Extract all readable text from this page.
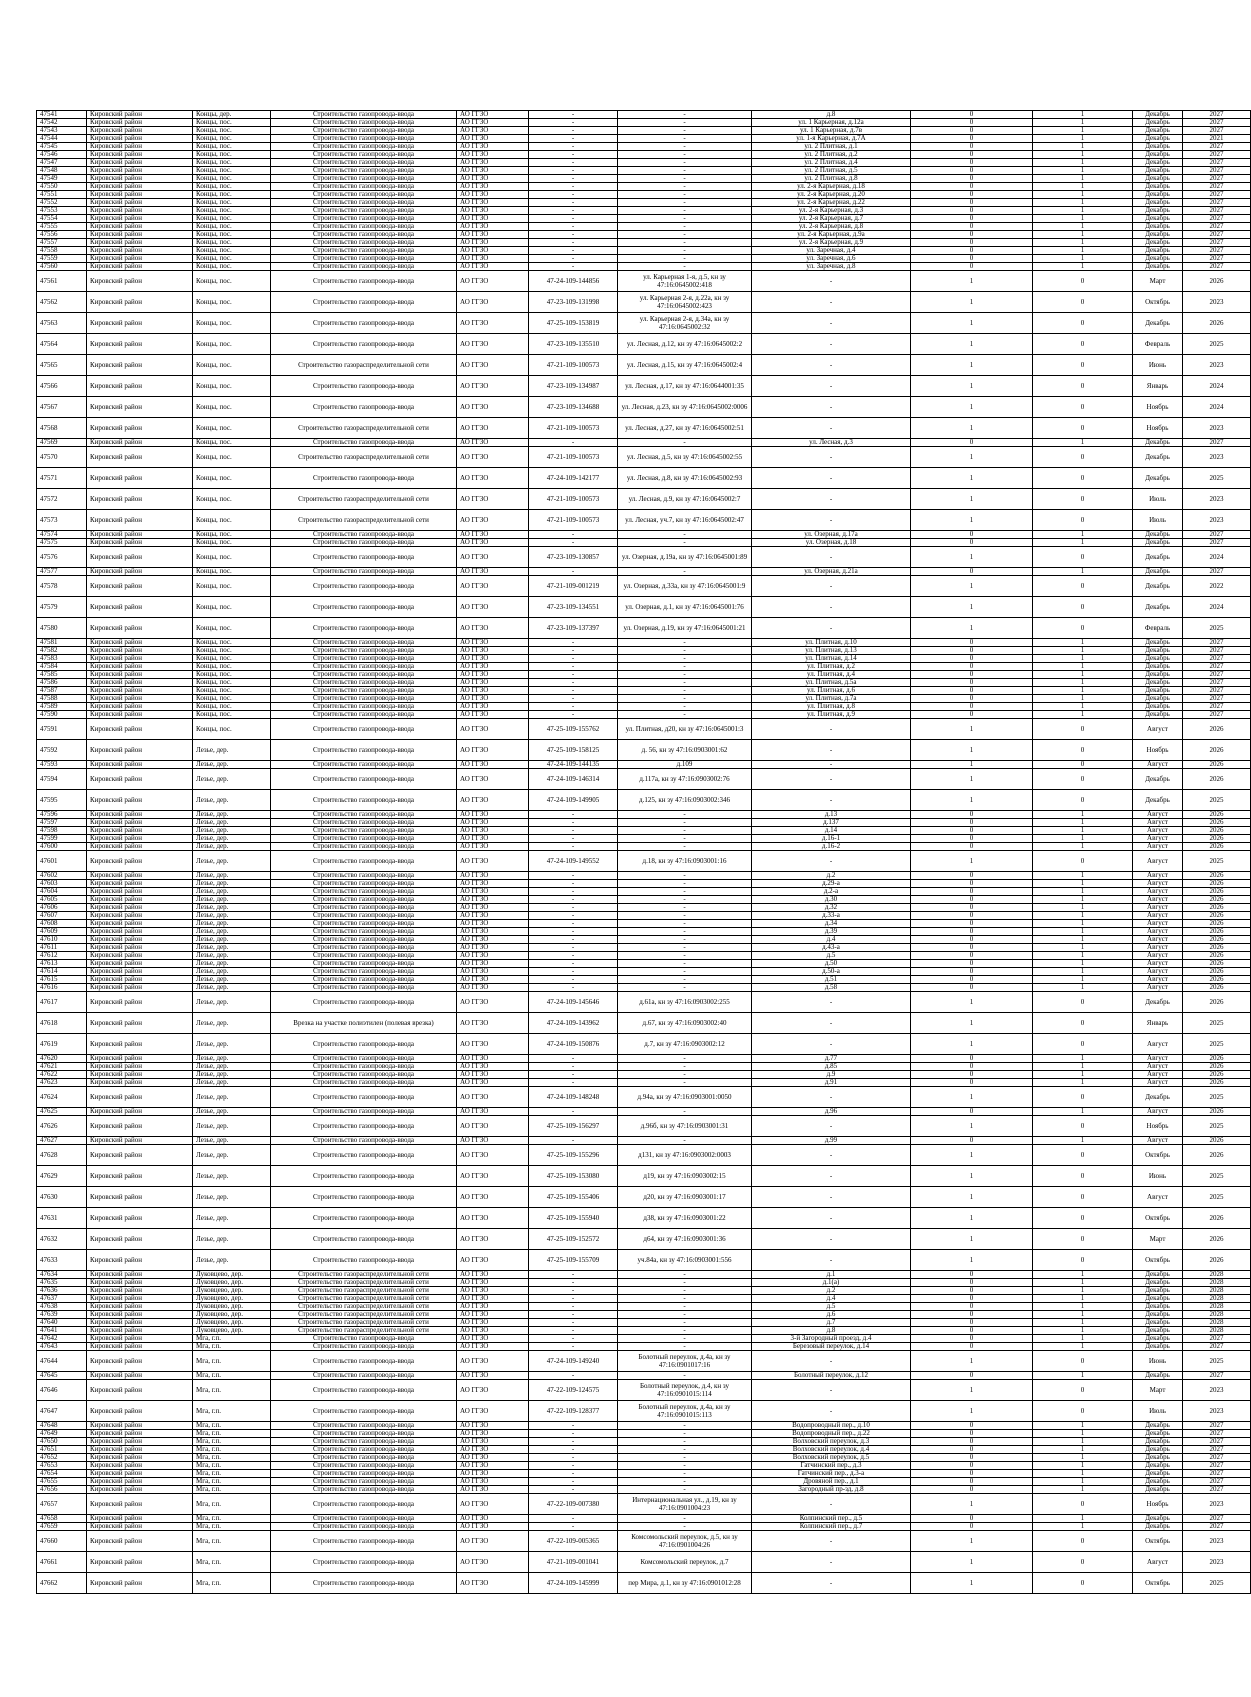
47541	Кировский район	Концы, дер.	Строительство газопровода-ввода	АО ГГЗО	-	-	д.8	0	1	Декабрь	2027
47542	Кировский район	Концы, пос.	Строительство газопровода-ввода	АО ГГЗО	-	-	ул. 1 Карьерная, д.12а	0	1	Декабрь	2027
47543	Кировский район	Концы, пос.	Строительство газопровода-ввода	АО ГГЗО	-	-	ул. 1 Карьерная, д.7в	0	1	Декабрь	2027
47544	Кировский район	Концы, пос.	Строительство газопровода-ввода	АО ГГЗО	-	-	ул. 1-я Карьерная, д.7А	0	1	Декабрь	2021
47545	Кировский район	Концы, пос.	Строительство газопровода-ввода	АО ГГЗО	-	-	ул. 2 Плитная, д.1	0	1	Декабрь	2027
47546	Кировский район	Концы, пос.	Строительство газопровода-ввода	АО ГГЗО	-	-	ул. 2 Плитная, д.2	0	1	Декабрь	2027
47547	Кировский район	Концы, пос.	Строительство газопровода-ввода	АО ГГЗО	-	-	ул. 2 Плитная, д.4	0	1	Декабрь	2027
47548	Кировский район	Концы, пос.	Строительство газопровода-ввода	АО ГГЗО	-	-	ул. 2 Плитная, д.5	0	1	Декабрь	2027
47549	Кировский район	Концы, пос.	Строительство газопровода-ввода	АО ГГЗО	-	-	ул. 2 Плитная, д.8	0	1	Декабрь	2027
47550	Кировский район	Концы, пос.	Строительство газопровода-ввода	АО ГГЗО	-	-	ул. 2-я Карьерная, д.18	0	1	Декабрь	2027
47551	Кировский район	Концы, пос.	Строительство газопровода-ввода	АО ГГЗО	-	-	ул. 2-я Карьерная, д.20	0	1	Декабрь	2027
47552	Кировский район	Концы, пос.	Строительство газопровода-ввода	АО ГГЗО	-	-	ул. 2-я Карьерная, д.22	0	1	Декабрь	2027
47553	Кировский район	Концы, пос.	Строительство газопровода-ввода	АО ГГЗО	-	-	ул. 2-я Карьерная, д.3	0	1	Декабрь	2027
47554	Кировский район	Концы, пос.	Строительство газопровода-ввода	АО ГГЗО	-	-	ул. 2-я Карьерная, д.7	0	1	Декабрь	2027
47555	Кировский район	Концы, пос.	Строительство газопровода-ввода	АО ГГЗО	-	-	ул. 2-я Карьерная, д.8	0	1	Декабрь	2027
47556	Кировский район	Концы, пос.	Строительство газопровода-ввода	АО ГГЗО	-	-	ул. 2-я Карьерная, д.9а	0	1	Декабрь	2027
47557	Кировский район	Концы, пос.	Строительство газопровода-ввода	АО ГГЗО	-	-	ул. 2-я Карьерная, д.9	0	1	Декабрь	2027
47558	Кировский район	Концы, пос.	Строительство газопровода-ввода	АО ГГЗО	-	-	ул. Заречная, д.4	0	1	Декабрь	2027
47559	Кировский район	Концы, пос.	Строительство газопровода-ввода	АО ГГЗО	-	-	ул. Заречная, д.6	0	1	Декабрь	2027
47560	Кировский район	Концы, пос.	Строительство газопровода-ввода	АО ГГЗО	-	-	ул. Заречная, д.8	0	1	Декабрь	2027
47561	Кировский район	Концы, пос.	Строительство газопровода-ввода	АО ГГЗО	47-24-109-144856	ул. Карьерная 1-я, д.5, кн зу 47:16:0645002:418	-	1	0	Март	2026
47562	Кировский район	Концы, пос.	Строительство газопровода-ввода	АО ГГЗО	47-23-109-131998	ул. Карьерная 2-я, д.22а, кн зу 47:16:0645002:423	-	1	0	Октябрь	2023
47563	Кировский район	Концы, пос.	Строительство газопровода-ввода	АО ГГЗО	47-25-109-153819	ул. Карьерная 2-я, д.34а, кн зу 47:16:0645002:32	-	1	0	Декабрь	2026
47564	Кировский район	Концы, пос.	Строительство газопровода-ввода	АО ГГЗО	47-23-109-135510	ул. Лесная, д.12, кн зу 47:16:0645002:2	-	1	0	Февраль	2025
47565	Кировский район	Концы, пос.	Строительство газораспределительной сети	АО ГГЗО	47-21-109-100573	ул. Лесная, д.15, кн зу 47:16:0645002:4	-	1	0	Июнь	2023
47566	Кировский район	Концы, пос.	Строительство газопровода-ввода	АО ГГЗО	47-23-109-134987	ул. Лесная, д.17, кн зу 47:16:0644001:35	-	1	0	Январь	2024
47567	Кировский район	Концы, пос.	Строительство газопровода-ввода	АО ГГЗО	47-23-109-134688	ул. Лесная, д.23, кн зу 47:16:0645002:0006	-	1	0	Ноябрь	2024
47568	Кировский район	Концы, пос.	Строительство газораспределительной сети	АО ГГЗО	47-21-109-100573	ул. Лесная, д.27, кн зу 47:16:0645002:51	-	1	0	Ноябрь	2023
47569	Кировский район	Концы, пос.	Строительство газопровода-ввода	АО ГГЗО	-	-	ул. Лесная, д.3	0	1	Декабрь	2027
47570	Кировский район	Концы, пос.	Строительство газораспределительной сети	АО ГГЗО	47-21-109-100573	ул. Лесная, д.5, кн зу 47:16:0645002:55	-	1	0	Декабрь	2023
47571	Кировский район	Концы, пос.	Строительство газопровода-ввода	АО ГГЗО	47-24-109-142177	ул. Лесная, д.8, кн зу 47:16:0645002:93	-	1	0	Декабрь	2025
47572	Кировский район	Концы, пос.	Строительство газораспределительной сети	АО ГГЗО	47-21-109-100573	ул. Лесная, д.9, кн зу 47:16:0645002:7	-	1	0	Июль	2023
47573	Кировский район	Концы, пос.	Строительство газораспределительной сети	АО ГГЗО	47-21-109-100573	ул. Лесная, уч.7, кн зу 47:16:0645002:47	-	1	0	Июль	2023
47574	Кировский район	Концы, пос.	Строительство газопровода-ввода	АО ГГЗО	-	-	ул. Озерная, д.17а	0	1	Декабрь	2027
47575	Кировский район	Концы, пос.	Строительство газопровода-ввода	АО ГГЗО	-	-	ул. Озерная, д.18	0	1	Декабрь	2027
47576	Кировский район	Концы, пос.	Строительство газопровода-ввода	АО ГГЗО	47-23-109-130857	ул. Озерная, д.19а, кн зу 47:16:0645001:89	-	1	0	Декабрь	2024
47577	Кировский район	Концы, пос.	Строительство газопровода-ввода	АО ГГЗО	-	-	ул. Озерная, д.21а	0	1	Декабрь	2027
47578	Кировский район	Концы, пос.	Строительство газопровода-ввода	АО ГГЗО	47-21-109-001219	ул. Озерная, д.33а, кн зу 47:16:0645001:9	-	1	0	Декабрь	2022
47579	Кировский район	Концы, пос.	Строительство газопровода-ввода	АО ГГЗО	47-23-109-134551	ул. Озерная, д.1, кн зу 47:16:0645001:76	-	1	0	Декабрь	2024
47580	Кировский район	Концы, пос.	Строительство газопровода-ввода	АО ГГЗО	47-23-109-137397	ул. Озерная, д.19, кн зу 47:16:0645001:21	-	1	0	Февраль	2025
47581	Кировский район	Концы, пос.	Строительство газопровода-ввода	АО ГГЗО	-	-	ул. Плитная, д.10	0	1	Декабрь	2027
47582	Кировский район	Концы, пос.	Строительство газопровода-ввода	АО ГГЗО	-	-	ул. Плитная, д.13	0	1	Декабрь	2027
47583	Кировский район	Концы, пос.	Строительство газопровода-ввода	АО ГГЗО	-	-	ул. Плитная, д.14	0	1	Декабрь	2027
47584	Кировский район	Концы, пос.	Строительство газопровода-ввода	АО ГГЗО	-	-	ул. Плитная, д.2	0	1	Декабрь	2027
47585	Кировский район	Концы, пос.	Строительство газопровода-ввода	АО ГГЗО	-	-	ул. Плитная, д.4	0	1	Декабрь	2027
47586	Кировский район	Концы, пос.	Строительство газопровода-ввода	АО ГГЗО	-	-	ул. Плитная, д.5а	0	1	Декабрь	2027
47587	Кировский район	Концы, пос.	Строительство газопровода-ввода	АО ГГЗО	-	-	ул. Плитная, д.6	0	1	Декабрь	2027
47588	Кировский район	Концы, пос.	Строительство газопровода-ввода	АО ГГЗО	-	-	ул. Плитная, д.7а	0	1	Декабрь	2027
47589	Кировский район	Концы, пос.	Строительство газопровода-ввода	АО ГГЗО	-	-	ул. Плитная, д.8	0	1	Декабрь	2027
47590	Кировский район	Концы, пос.	Строительство газопровода-ввода	АО ГГЗО	-	-	ул. Плитная, д.9	0	1	Декабрь	2027
47591	Кировский район	Концы, пос.	Строительство газопровода-ввода	АО ГГЗО	47-25-109-155762	ул. Плитная, д20, кн зу 47:16:0645001:3	-	1	0	Август	2026
47592	Кировский район	Лезье, дер.	Строительство газопровода-ввода	АО ГГЗО	47-25-109-158125	д. 56, кн зу 47:16:0903001:62	-	1	0	Ноябрь	2026
47593	Кировский район	Лезье, дер.	Строительство газопровода-ввода	АО ГГЗО	47-24-109-144135	д.109	-	1	0	Август	2026
47594	Кировский район	Лезье, дер.	Строительство газопровода-ввода	АО ГГЗО	47-24-109-146314	д.117а, кн зу 47:16:0903002:76	-	1	0	Декабрь	2026
47595	Кировский район	Лезье, дер.	Строительство газопровода-ввода	АО ГГЗО	47-24-109-149905	д.125, кн зу 47:16:0903002:346	-	1	0	Декабрь	2025
47596	Кировский район	Лезье, дер.	Строительство газопровода-ввода	АО ГГЗО	-	-	д.13	0	1	Август	2026
47597	Кировский район	Лезье, дер.	Строительство газопровода-ввода	АО ГГЗО	-	-	д.137	0	1	Август	2026
47598	Кировский район	Лезье, дер.	Строительство газопровода-ввода	АО ГГЗО	-	-	д.14	0	1	Август	2026
47599	Кировский район	Лезье, дер.	Строительство газопровода-ввода	АО ГГЗО	-	-	д.16-1	0	1	Август	2026
47600	Кировский район	Лезье, дер.	Строительство газопровода-ввода	АО ГГЗО	-	-	д.16-2	0	1	Август	2026
47601	Кировский район	Лезье, дер.	Строительство газопровода-ввода	АО ГГЗО	47-24-109-149552	д.18, кн зу 47:16:0903001:16	-	1	0	Август	2025
47602	Кировский район	Лезье, дер.	Строительство газопровода-ввода	АО ГГЗО	-	-	д.2	0	1	Август	2026
47603	Кировский район	Лезье, дер.	Строительство газопровода-ввода	АО ГГЗО	-	-	д.29-а	0	1	Август	2026
47604	Кировский район	Лезье, дер.	Строительство газопровода-ввода	АО ГГЗО	-	-	д.2-а	0	1	Август	2026
47605	Кировский район	Лезье, дер.	Строительство газопровода-ввода	АО ГГЗО	-	-	д.30	0	1	Август	2026
47606	Кировский район	Лезье, дер.	Строительство газопровода-ввода	АО ГГЗО	-	-	д.32	0	1	Август	2026
47607	Кировский район	Лезье, дер.	Строительство газопровода-ввода	АО ГГЗО	-	-	д.33-а	0	1	Август	2026
47608	Кировский район	Лезье, дер.	Строительство газопровода-ввода	АО ГГЗО	-	-	д.34	0	1	Август	2026
47609	Кировский район	Лезье, дер.	Строительство газопровода-ввода	АО ГГЗО	-	-	д.39	0	1	Август	2026
47610	Кировский район	Лезье, дер.	Строительство газопровода-ввода	АО ГГЗО	-	-	д.4	0	1	Август	2026
47611	Кировский район	Лезье, дер.	Строительство газопровода-ввода	АО ГГЗО	-	-	д.43-а	0	1	Август	2026
47612	Кировский район	Лезье, дер.	Строительство газопровода-ввода	АО ГГЗО	-	-	д.5	0	1	Август	2026
47613	Кировский район	Лезье, дер.	Строительство газопровода-ввода	АО ГГЗО	-	-	д.50	0	1	Август	2026
47614	Кировский район	Лезье, дер.	Строительство газопровода-ввода	АО ГГЗО	-	-	д.50-а	0	1	Август	2026
47615	Кировский район	Лезье, дер.	Строительство газопровода-ввода	АО ГГЗО	-	-	д.51	0	1	Август	2026
47616	Кировский район	Лезье, дер.	Строительство газопровода-ввода	АО ГГЗО	-	-	д.58	0	1	Август	2026
47617	Кировский район	Лезье, дер.	Строительство газопровода-ввода	АО ГГЗО	47-24-109-145646	д.61а, кн зу 47:16:0903002:255	-	1	0	Декабрь	2026
47618	Кировский район	Лезье, дер.	Врезка на участке полиэтилен (полевая врезка)	АО ГГЗО	47-24-109-143962	д.67, кн зу 47:16:0903002:40	-	1	0	Январь	2025
47619	Кировский район	Лезье, дер.	Строительство газопровода-ввода	АО ГГЗО	47-24-109-150876	д.7, кн зу 47:16:0903002:12	-	1	0	Август	2025
47620	Кировский район	Лезье, дер.	Строительство газопровода-ввода	АО ГГЗО	-	-	д.77	0	1	Август	2026
47621	Кировский район	Лезье, дер.	Строительство газопровода-ввода	АО ГГЗО	-	-	д.85	0	1	Август	2026
47622	Кировский район	Лезье, дер.	Строительство газопровода-ввода	АО ГГЗО	-	-	д.9	0	1	Август	2026
47623	Кировский район	Лезье, дер.	Строительство газопровода-ввода	АО ГГЗО	-	-	д.91	0	1	Август	2026
47624	Кировский район	Лезье, дер.	Строительство газопровода-ввода	АО ГГЗО	47-24-109-148248	д.94а, кн зу 47:16:0903001:0050	-	1	0	Декабрь	2025
47625	Кировский район	Лезье, дер.	Строительство газопровода-ввода	АО ГГЗО	-	-	д.96	0	1	Август	2026
47626	Кировский район	Лезье, дер.	Строительство газопровода-ввода	АО ГГЗО	47-25-109-156297	д.96б, кн зу 47:16:0903001:31	-	1	0	Ноябрь	2025
47627	Кировский район	Лезье, дер.	Строительство газопровода-ввода	АО ГГЗО	-	-	д.99	0	1	Август	2026
47628	Кировский район	Лезье, дер.	Строительство газопровода-ввода	АО ГГЗО	47-25-109-155296	д131, кн зу 47:16:0903002:0003	-	1	0	Октябрь	2026
47629	Кировский район	Лезье, дер.	Строительство газопровода-ввода	АО ГГЗО	47-25-109-153080	д19, кн зу 47:16:0903002:15	-	1	0	Июнь	2025
47630	Кировский район	Лезье, дер.	Строительство газопровода-ввода	АО ГГЗО	47-25-109-155406	д20, кн зу 47:16:0903001:17	-	1	0	Август	2025
47631	Кировский район	Лезье, дер.	Строительство газопровода-ввода	АО ГГЗО	47-25-109-155940	д38, кн зу 47:16:0903001:22	-	1	0	Октябрь	2026
47632	Кировский район	Лезье, дер.	Строительство газопровода-ввода	АО ГГЗО	47-25-109-152572	д64, кн зу 47:16:0903001:36	-	1	0	Март	2026
47633	Кировский район	Лезье, дер.	Строительство газопровода-ввода	АО ГГЗО	47-25-109-155709	уч.84а, кн зу 47:16:0903001:556	-	1	0	Октябрь	2026
47634	Кировский район	Луковцево, дер.	Строительство газораспределительной сети	АО ГГЗО	-	-	д.1	0	1	Декабрь	2028
47635	Кировский район	Луковцево, дер.	Строительство газораспределительной сети	АО ГГЗО	-	-	д.1(а)	0	1	Декабрь	2028
47636	Кировский район	Луковцево, дер.	Строительство газораспределительной сети	АО ГГЗО	-	-	д.2	0	1	Декабрь	2028
47637	Кировский район	Луковцево, дер.	Строительство газораспределительной сети	АО ГГЗО	-	-	д.4	0	1	Декабрь	2028
47638	Кировский район	Луковцево, дер.	Строительство газораспределительной сети	АО ГГЗО	-	-	д.5	0	1	Декабрь	2028
47639	Кировский район	Луковцево, дер.	Строительство газораспределительной сети	АО ГГЗО	-	-	д.6	0	1	Декабрь	2028
47640	Кировский район	Луковцево, дер.	Строительство газораспределительной сети	АО ГГЗО	-	-	д.7	0	1	Декабрь	2028
47641	Кировский район	Луковцево, дер.	Строительство газораспределительной сети	АО ГГЗО	-	-	д.8	0	1	Декабрь	2028
47642	Кировский район	Мга, г.п.	Строительство газопровода-ввода	АО ГГЗО	-	-	3-й Загородный проезд, д.4	0	1	Декабрь	2027
47643	Кировский район	Мга, г.п.	Строительство газопровода-ввода	АО ГГЗО	-	-	Березовый переулок, д.14	0	1	Декабрь	2027
47644	Кировский район	Мга, г.п.	Строительство газопровода-ввода	АО ГГЗО	47-24-109-149240	Болотный переулок, д.4а, кн зу 47:16:0901017:16	-	1	0	Июнь	2025
47645	Кировский район	Мга, г.п.	Строительство газопровода-ввода	АО ГГЗО	-	-	Болотный переулок, д.12	0	1	Декабрь	2027
47646	Кировский район	Мга, г.п.	Строительство газопровода-ввода	АО ГГЗО	47-22-109-124575	Болотный переулок, д.4, кн зу 47:16:0901015:114	-	1	0	Март	2023
47647	Кировский район	Мга, г.п.	Строительство газопровода-ввода	АО ГГЗО	47-22-109-128377	Болотный переулок, д.4а, кн зу 47:16:0901015:113	-	1	0	Июль	2023
47648	Кировский район	Мга, г.п.	Строительство газопровода-ввода	АО ГГЗО	-	-	Водопроводный пер., д.10	0	1	Декабрь	2027
47649	Кировский район	Мга, г.п.	Строительство газопровода-ввода	АО ГГЗО	-	-	Водопроводный пер., д.22	0	1	Декабрь	2027
47650	Кировский район	Мга, г.п.	Строительство газопровода-ввода	АО ГГЗО	-	-	Волховский переулок, д.3	0	1	Декабрь	2027
47651	Кировский район	Мга, г.п.	Строительство газопровода-ввода	АО ГГЗО	-	-	Волховский переулок, д.4	0	1	Декабрь	2027
47652	Кировский район	Мга, г.п.	Строительство газопровода-ввода	АО ГГЗО	-	-	Волховский переулок, д.5	0	1	Декабрь	2027
47653	Кировский район	Мга, г.п.	Строительство газопровода-ввода	АО ГГЗО	-	-	Гатчинский пер., д.3	0	1	Декабрь	2027
47654	Кировский район	Мга, г.п.	Строительство газопровода-ввода	АО ГГЗО	-	-	Гатчинский пер., д.3-а	0	1	Декабрь	2027
47655	Кировский район	Мга, г.п.	Строительство газопровода-ввода	АО ГГЗО	-	-	Дровяной пер., д.1	0	1	Декабрь	2027
47656	Кировский район	Мга, г.п.	Строительство газопровода-ввода	АО ГГЗО	-	-	Загородный пр-зд, д.8	0	1	Декабрь	2027
47657	Кировский район	Мга, г.п.	Строительство газопровода-ввода	АО ГГЗО	47-22-109-007380	Интернациональная ул., д.19, кн зу 47:16:0901004:23	-	1	0	Ноябрь	2023
47658	Кировский район	Мга, г.п.	Строительство газопровода-ввода	АО ГГЗО	-	-	Колпинский пер., д.5	0	1	Декабрь	2027
47659	Кировский район	Мга, г.п.	Строительство газопровода-ввода	АО ГГЗО	-	-	Колпинский пер., д.7	0	1	Декабрь	2027
47660	Кировский район	Мга, г.п.	Строительство газопровода-ввода	АО ГГЗО	47-22-109-005365	Комсомольский переулок, д.5, кн зу 47:16:0901004:26	-	1	0	Октябрь	2023
47661	Кировский район	Мга, г.п.	Строительство газопровода-ввода	АО ГГЗО	47-21-109-001041	Комсомольский переулок, д.7	-	1	0	Август	2023
47662	Кировский район	Мга, г.п.	Строительство газопровода-ввода	АО ГГЗО	47-24-109-145999	пер Мира, д.1, кн зу 47:16:0901012:28	-	1	0	Октябрь	2025
